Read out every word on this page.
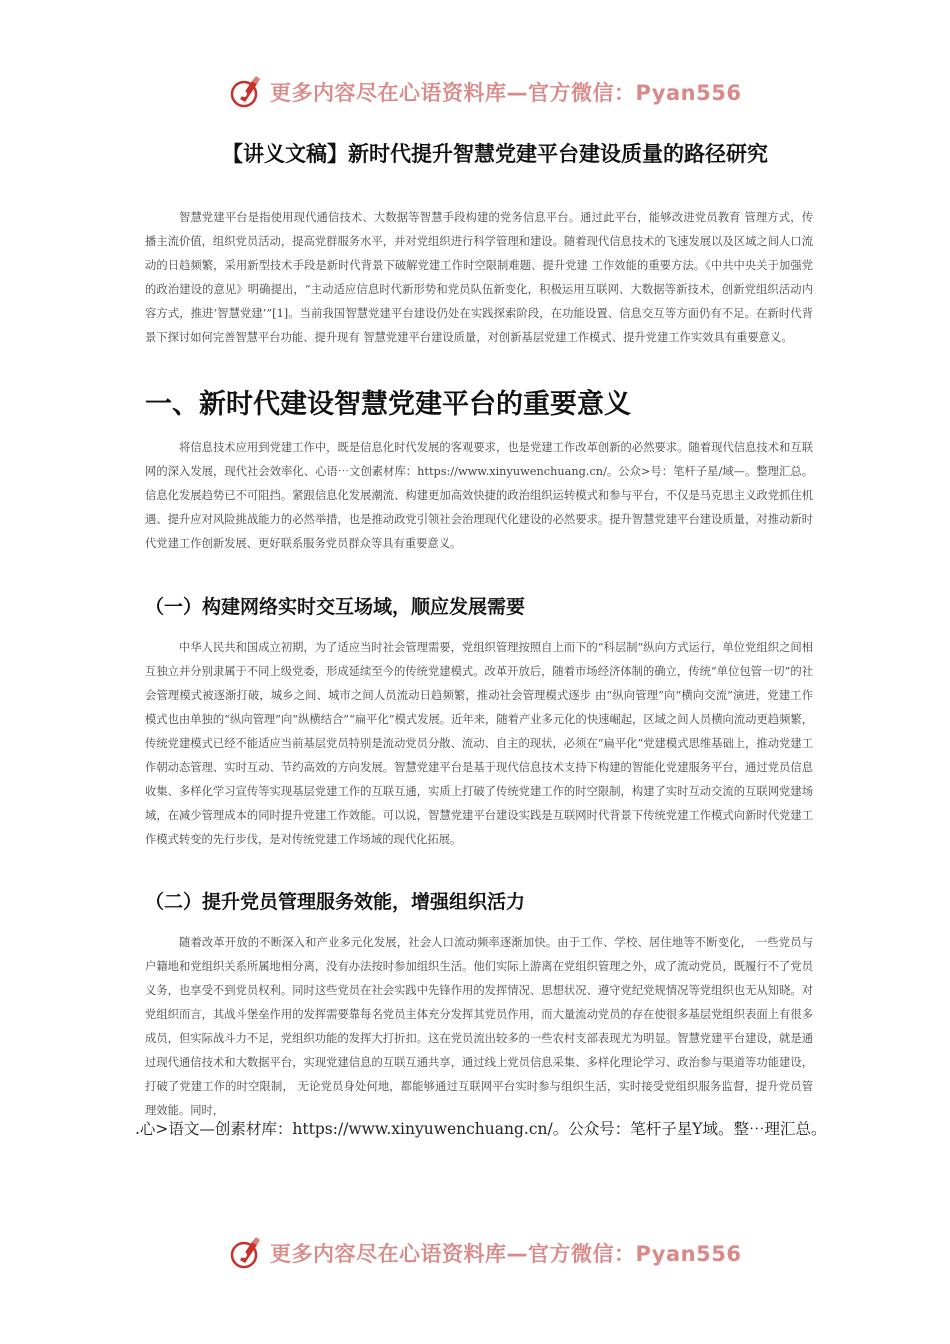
更多内容尽在心语资料库—官方微信：Pyan556
【讲义文稿】新时代提升智慧党建平台建设质量的路径研究

智慧党建平台是指使用现代通信技术、大数据等智慧手段构建的党务信息平台。通过此平台，能够改进党员教育 管理方式，传播主流价值，组织党员活动，提高党群服务水平，并对党组织进行科学管理和建设。随着现代信息技术的飞速发展以及区域之间人口流动的日趋频繁，采用新型技术手段是新时代背景下破解党建工作时空限制难题、提升党建 工作效能的重要方法。《中共中央关于加强党的政治建设的意见》明确提出，“主动适应信息时代新形势和党员队伍新变化，积极运用互联网、大数据等新技术，创新党组织活动内容方式，推进‘智慧党建’”[1]。当前我国智慧党建平台建设仍处在实践探索阶段，在功能设置、信息交互等方面仍有不足。在新时代背景下探讨如何完善智慧平台功能、提升现有 智慧党建平台建设质量，对创新基层党建工作模式、提升党建工作实效具有重要意义。

一、新时代建设智慧党建平台的重要意义

将信息技术应用到党建工作中，既是信息化时代发展的客观要求，也是党建工作改革创新的必然要求。随着现代信息技术和互联网的深入发展，现代社会效率化、心语⋯文创素材库：https://www.xinyuwenchuang.cn/。公众>号：笔杆子星/域—。整理汇总。信息化发展趋势已不可阻挡。紧跟信息化发展潮流、构建更加高效快捷的政治组织运转模式和参与平台，不仅是马克思主义政党抓住机遇、提升应对风险挑战能力的必然举措，也是推动政党引领社会治理现代化建设的必然要求。提升智慧党建平台建设质量，对推动新时代党建工作创新发展、更好联系服务党员群众等具有重要意义。

（一）构建网络实时交互场域，顺应发展需要

中华人民共和国成立初期，为了适应当时社会管理需要，党组织管理按照自上而下的“科层制”纵向方式运行，单位党组织之间相互独立并分别隶属于不同上级党委，形成延续至今的传统党建模式。改革开放后，随着市场经济体制的确立，传统“单位包管一切”的社会管理模式被逐渐打破，城乡之间、城市之间人员流动日趋频繁，推动社会管理模式逐步 由“纵向管理”向“横向交流”演进，党建工作模式也由单独的“纵向管理”向“纵横结合”“扁平化”模式发展。近年来，随着产业多元化的快速崛起，区域之间人员横向流动更趋频繁，传统党建模式已经不能适应当前基层党员特别是流动党员分散、流动、自主的现状，必须在“扁平化”党建模式思维基础上，推动党建工作朝动态管理、实时互动、节约高效的方向发展。智慧党建平台是基于现代信息技术支持下构建的智能化党建服务平台，通过党员信息收集、多样化学习宣传等实现基层党建工作的互联互通，实质上打破了传统党建工作的时空限制，构建了实时互动交流的互联网党建场域，在减少管理成本的同时提升党建工作效能。可以说，智慧党建平台建设实践是互联网时代背景下传统党建工作模式向新时代党建工作模式转变的先行步伐，是对传统党建工作场域的现代化拓展。

（二）提升党员管理服务效能，增强组织活力

随着改革开放的不断深入和产业多元化发展，社会人口流动频率逐渐加快。由于工作、学校、居住地等不断变化， 一些党员与户籍地和党组织关系所属地相分离，没有办法按时参加组织生活。他们实际上游离在党组织管理之外，成了流动党员，既履行不了党员义务，也享受不到党员权利。同时这些党员在社会实践中先锋作用的发挥情况、思想状况、遵守党纪党规情况等党组织也无从知晓。对党组织而言，其战斗堡垒作用的发挥需要靠每名党员主体充分发挥其党员作用，而大量流动党员的存在使很多基层党组织表面上有很多成员，但实际战斗力不足，党组织功能的发挥大打折扣。这在党员流出较多的一些农村支部表现尤为明显。智慧党建平台建设，就是通过现代通信技术和大数据平台，实现党建信息的互联互通共享，通过线上党员信息采集、多样化理论学习、政治参与渠道等功能建设，打破了党建工作的时空限制， 无论党员身处何地，都能够通过互联网平台实时参与组织生活，实时接受党组织服务监督，提升党员管理效能。同时，

.心>语文—创素材库：https://www.xinyuwenchuang.cn/。公众号：笔杆子星Y域。整⋯理汇总。

更多内容尽在心语资料库—官方微信：Pyan556
